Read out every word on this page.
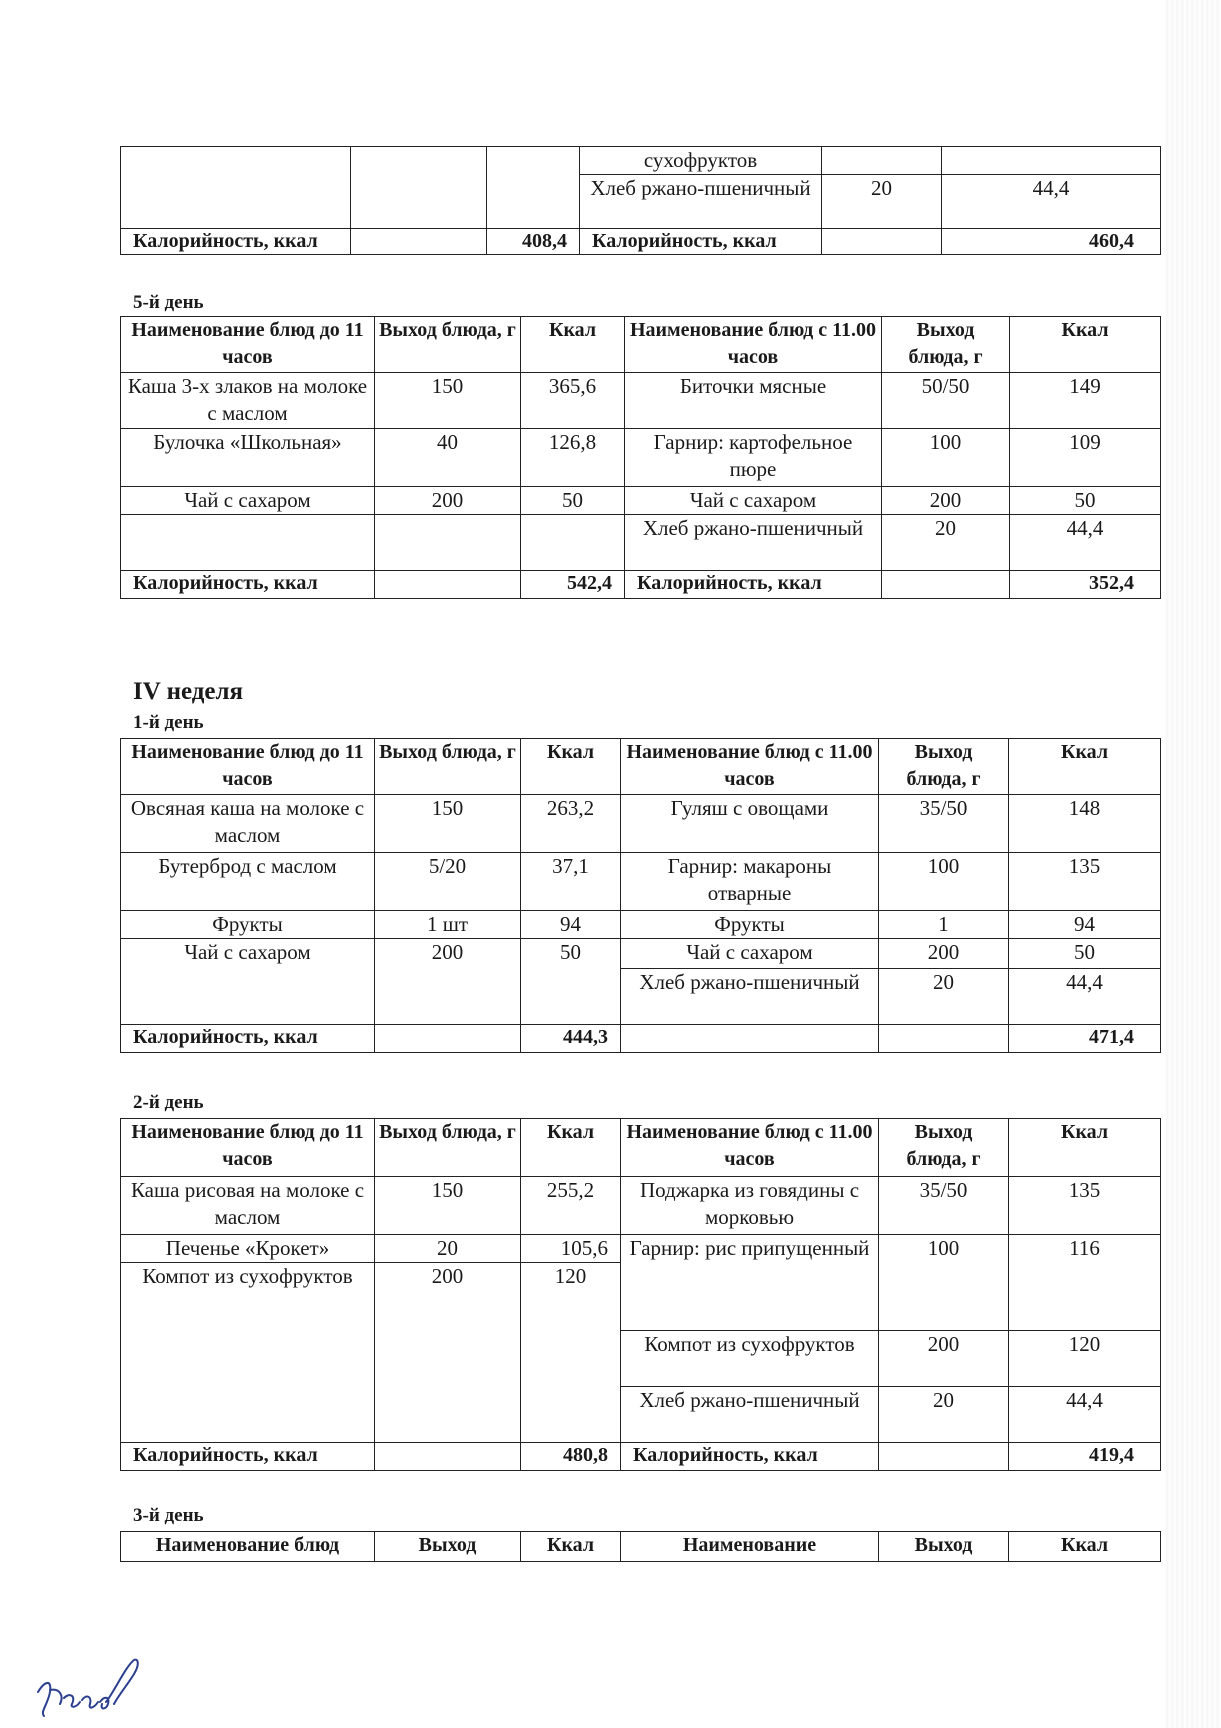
			сухофруктов		
			Хлеб ржано-пшеничный	20	44,4
Калорийность, ккал		408,4	Калорийность, ккал		460,4
5-й день
Наименование блюд до 11 часов	Выход блюда, г	Ккал	Наименование блюд с 11.00 часов	Выход блюда, г	Ккал
Каша 3-х злаков на молоке с маслом	150	365,6	Биточки мясные	50/50	149
Булочка «Школьная»	40	126,8	Гарнир: картофельное пюре	100	109
Чай с сахаром	200	50	Чай с сахаром	200	50
			Хлеб ржано-пшеничный	20	44,4
Калорийность, ккал		542,4	Калорийность, ккал		352,4
IV неделя
1-й день
Наименование блюд до 11 часов	Выход блюда, г	Ккал	Наименование блюд с 11.00 часов	Выход блюда, г	Ккал
Овсяная каша на молоке с маслом	150	263,2	Гуляш с овощами	35/50	148
Бутерброд с маслом	5/20	37,1	Гарнир: макароны отварные	100	135
Фрукты	1 шт	94	Фрукты	1	94
Чай с сахаром	200	50	Чай с сахаром	200	50
			Хлеб ржано-пшеничный	20	44,4
Калорийность, ккал		444,3			471,4
2-й день
Наименование блюд до 11 часов	Выход блюда, г	Ккал	Наименование блюд с 11.00 часов	Выход блюда, г	Ккал
Каша рисовая на молоке с маслом	150	255,2	Поджарка из говядины с морковью	35/50	135
Печенье «Крокет»	20	105,6	Гарнир: рис припущенный	100	116
Компот из сухофруктов	200	120			
			Компот из сухофруктов	200	120
			Хлеб ржано-пшеничный	20	44,4
Калорийность, ккал		480,8	Калорийность, ккал		419,4
3-й день
Наименование блюд	Выход	Ккал	Наименование	Выход	Ккал
